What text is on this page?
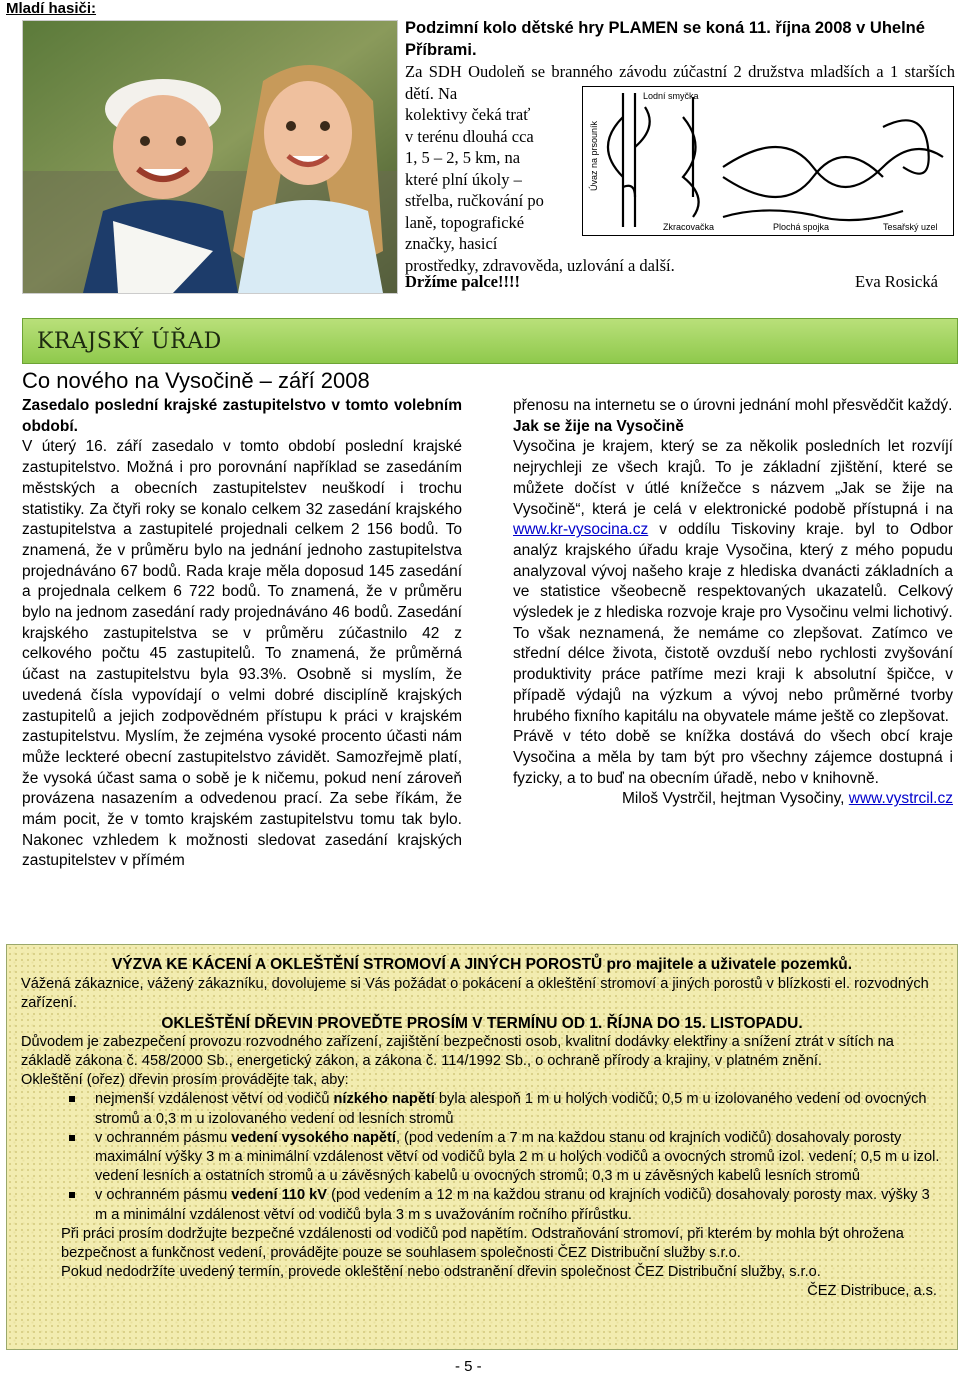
Mladí hasiči:

Podzimní kolo dětské hry PLAMEN se koná 11. října 2008 v Uhelné Příbrami.

Za SDH Oudoleň se branného závodu zúčastní 2 družstva mladších a 1 starších dětí. Na

kolektivy čeká trať

v terénu dlouhá cca

1, 5 – 2, 5 km, na

které plní úkoly –

střelba, ručkování po

laně, topografické

značky, hasicí

prostředky, zdravověda, uzlování a další.

Držíme palce!!!!	Eva Rosická
Lodní smyčka
Úvaz na prsouník
Zkracovačka	Plochá spojka	Tesařský uzel
KRAJSKÝ ÚŘAD
Co nového na Vysočině – září 2008

Zasedalo poslední krajské zastupitelstvo v tomto volebním období.

V úterý 16. září zasedalo v tomto období poslední krajské zastupitelstvo. Možná i pro porovnání například se zasedáním městských a obecních zastupitelstev neuškodí i trochu statistiky. Za čtyři roky se konalo celkem 32 zasedání krajského zastupitelstva a zastupitelé projednali celkem 2 156 bodů. To znamená, že v průměru bylo na jednání jednoho zastupitelstva projednáváno 67 bodů. Rada kraje měla doposud 145 zasedání a projednala celkem 6 722 bodů. To znamená, že v průměru bylo na jednom zasedání rady projednáváno 46 bodů. Zasedání krajského zastupitelstva se v průměru zúčastnilo 42 z celkového počtu 45 zastupitelů. To znamená, že průměrná účast na zastupitelstvu byla 93.3%. Osobně si myslím, že uvedená čísla vypovídají o velmi dobré disciplíně krajských zastupitelů a jejich zodpovědném přístupu k práci v krajském zastupitelstvu. Myslím, že zejména vysoké procento účasti nám může leckteré obecní zastupitelstvo závidět. Samozřejmě platí, že vysoká účast sama o sobě je k ničemu, pokud není zároveň provázena nasazením a odvedenou prací. Za sebe říkám, že mám pocit, že v tomto krajském zastupitelstvu tomu tak bylo. Nakonec vzhledem k možnosti sledovat zasedání krajských zastupitelstev v přímém

přenosu na internetu se o úrovni jednání mohl přesvědčit každý.

Jak se žije na Vysočině

Vysočina je krajem, který se za několik posledních let rozvíjí nejrychleji ze všech krajů. To je základní zjištění, které se můžete dočíst v útlé knížečce s názvem „Jak se žije na Vysočině“, která je celá v elektronické podobě přístupná i na www.kr-vysocina.cz v oddílu Tiskoviny kraje. byl to Odbor analýz krajského úřadu kraje Vysočina, který z mého popudu analyzoval vývoj našeho kraje z hlediska dvanácti základních a ve statistice všeobecně respektovaných ukazatelů. Celkový výsledek je z hlediska rozvoje kraje pro Vysočinu velmi lichotivý.

To však neznamená, že nemáme co zlepšovat. Zatímco ve střední délce života, čistotě ovzduší nebo rychlosti zvyšování produktivity práce patříme mezi kraji k absolutní špičce, v případě výdajů na výzkum a vývoj nebo průměrné tvorby hrubého fixního kapitálu na obyvatele máme ještě co zlepšovat.

Právě v této době se knížka dostává do všech obcí kraje Vysočina a měla by tam být pro všechny zájemce dostupná i fyzicky, a to buď na obecním úřadě, nebo v knihovně.

Miloš Vystrčil, hejtman Vysočiny, www.vystrcil.cz

VÝZVA KE KÁCENÍ A OKLEŠTĚNÍ STROMOVÍ A JINÝCH POROSTŮ pro majitele a uživatele pozemků.

Vážená zákaznice, vážený zákazníku, dovolujeme si Vás požádat o pokácení a okleštění stromoví a jiných porostů v blízkosti el. rozvodných zařízení.

OKLEŠTĚNÍ DŘEVIN PROVEĎTE PROSÍM V TERMÍNU OD 1. ŘÍJNA DO 15. LISTOPADU.

Důvodem je zabezpečení provozu rozvodného zařízení, zajištění bezpečnosti osob, kvalitní dodávky elektřiny a snížení ztrát v sítích na základě zákona č. 458/2000 Sb., energetický zákon, a zákona č. 114/1992 Sb., o ochraně přírody a krajiny, v platném znění.

Okleštění (ořez) dřevin prosím provádějte tak, aby:

nejmenší vzdálenost větví od vodičů nízkého napětí byla alespoň 1 m u holých vodičů; 0,5 m u izolovaného vedení od ovocných stromů a 0,3 m u izolovaného vedení od lesních stromů
v ochranném pásmu vedení vysokého napětí, (pod vedením a 7 m na každou stanu od krajních vodičů) dosahovaly porosty maximální výšky 3 m a minimální vzdálenost větví od vodičů byla 2 m u holých vodičů a ovocných stromů izol. vedení; 0,5 m u izol. vedení lesních a ostatních stromů a u závěsných kabelů u ovocných stromů; 0,3 m u závěsných kabelů lesních stromů
v ochranném pásmu vedení 110 kV (pod vedením a 12 m na každou stranu od krajních vodičů) dosahovaly porosty max. výšky 3 m a minimální vzdálenost větví od vodičů byla 3 m s uvažováním ročního přírůstku.

Při práci prosím dodržujte bezpečné vzdálenosti od vodičů pod napětím. Odstraňování stromoví, při kterém by mohla být ohrožena bezpečnost a funkčnost vedení, provádějte pouze se souhlasem společnosti ČEZ Distribuční služby s.r.o.

Pokud nedodržíte uvedený termín, provede okleštění nebo odstranění dřevin společnost ČEZ Distribuční služby, s.r.o.

ČEZ Distribuce, a.s.

- 5 -
